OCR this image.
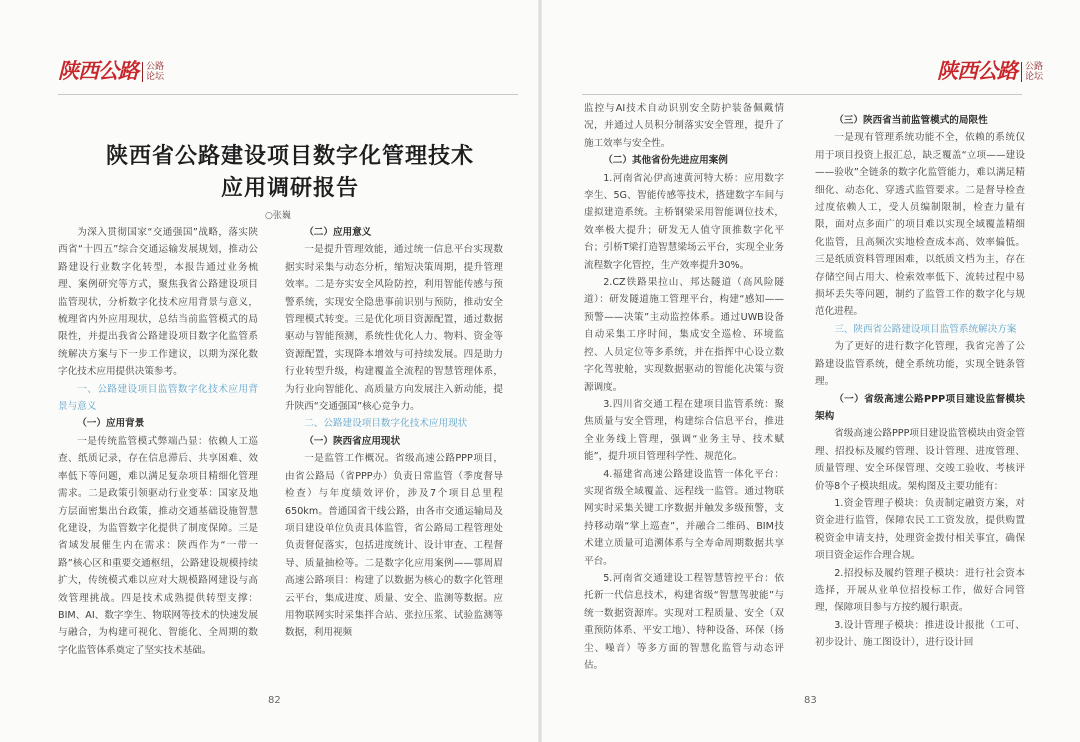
陕西公路 公路论坛	陕西公路 公路论坛
陕西省公路建设项目数字化管理技术
应用调研报告
○张巍

为深入贯彻国家“交通强国”战略，落实陕西省“十四五”综合交通运输发展规划，推动公路建设行业数字化转型，本报告通过业务梳理、案例研究等方式，聚焦我省公路建设项目监管现状，分析数字化技术应用背景与意义，梳理省内外应用现状，总结当前监管模式的局限性，并提出我省公路建设项目数字化监管系统解决方案与下一步工作建议，以期为深化数字化技术应用提供决策参考。

一、公路建设项目监管数字化技术应用背景与意义

（一）应用背景

一是传统监管模式弊端凸显：依赖人工巡查、纸质记录，存在信息滞后、共享困难、效率低下等问题，难以满足复杂项目精细化管理需求。二是政策引领驱动行业变革：国家及地方层面密集出台政策，推动交通基础设施智慧化建设，为监管数字化提供了制度保障。三是省域发展催生内在需求：陕西作为“一带一路”核心区和重要交通枢纽，公路建设规模持续扩大，传统模式难以应对大规模路网建设与高效管理挑战。四是技术成熟提供转型支撑：BIM、AI、数字孪生、物联网等技术的快速发展与融合，为构建可视化、智能化、全周期的数字化监管体系奠定了坚实技术基础。

（二）应用意义

一是提升管理效能，通过统一信息平台实现数据实时采集与动态分析，缩短决策周期，提升管理效率。二是夯实安全风险防控，利用智能传感与预警系统，实现安全隐患事前识别与预防，推动安全管理模式转变。三是优化项目资源配置，通过数据驱动与智能预测，系统性优化人力、物料、资金等资源配置，实现降本增效与可持续发展。四是助力行业转型升级，构建覆盖全流程的智慧管理体系，为行业向智能化、高质量方向发展注入新动能，提升陕西“交通强国”核心竞争力。

二、公路建设项目数字化技术应用现状

（一）陕西省应用现状

一是监管工作概况。省级高速公路PPP项目，由省公路局（省PPP办）负责日常监管（季度督导检查）与年度绩效评价，涉及7个项目总里程650km。普通国省干线公路，由各市交通运输局及项目建设单位负责具体监管，省公路局工程管理处负责督促落实，包括进度统计、设计审查、工程督导、质量抽检等。二是数字化应用案例——鄠周眉高速公路项目：构建了以数据为核心的数字化管理云平台，集成进度、质量、安全、监测等数据。应用物联网实时采集拌合站、张拉压浆、试验监测等数据，利用视频

监控与AI技术自动识别安全防护装备佩戴情况，并通过人员积分制落实安全管理，提升了施工效率与安全性。

（二）其他省份先进应用案例

1.河南省沁伊高速黄河特大桥：应用数字孪生、5G、智能传感等技术，搭建数字车间与虚拟建造系统。主桥钢梁采用智能调位技术，效率极大提升；研发无人值守顶推数字化平台；引桥T梁打造智慧梁场云平台，实现全业务流程数字化管控，生产效率提升30%。

2.CZ铁路果拉山、邦达隧道（高风险隧道）：研发隧道施工管理平台，构建“感知——预警——决策”主动监控体系。通过UWB设备自动采集工序时间，集成安全巡检、环境监控、人员定位等多系统，并在指挥中心设立数字化驾驶舱，实现数据驱动的智能化决策与资源调度。

3.四川省交通工程在建项目监管系统：聚焦质量与安全管理，构建综合信息平台，推进全业务线上管理，强调“业务主导、技术赋能”，提升项目管理科学性、规范化。

4.福建省高速公路建设监管一体化平台：实现省级全域覆盖、远程线一监管。通过物联网实时采集关键工序数据并触发多级预警，支持移动端“掌上巡查”，并融合二维码、BIM技术建立质量可追溯体系与全寿命周期数据共享平台。

5.河南省交通建设工程智慧管控平台：依托新一代信息技术，构建省级“智慧驾驶能”与统一数据资源库。实现对工程质量、安全（双重预防体系、平安工地）、特种设备、环保（扬尘、噪音）等多方面的智慧化监管与动态评估。

（三）陕西省当前监管模式的局限性

一是现有管理系统功能不全，依赖的系统仅用于项目投资上报汇总，缺乏覆盖“立项——建设——验收”全链条的数字化监管能力，难以满足精细化、动态化、穿透式监管要求。二是督导检查过度依赖人工，受人员编制限制，检查力量有限，面对点多面广的项目难以实现全域覆盖精细化监管，且高频次实地检查成本高、效率偏低。三是纸质资料管理困难，以纸质文档为主，存在存储空间占用大、检索效率低下、流转过程中易损坏丢失等问题，制约了监管工作的数字化与规范化进程。

三、陕西省公路建设项目监管系统解决方案

为了更好的进行数字化管理，我省完善了公路建设监管系统，健全系统功能，实现全链条管理。

（一）省级高速公路PPP项目建设监督模块架构

省级高速公路PPP项目建设监管模块由资金管理、招投标及履约管理、设计管理、进度管理、质量管理、安全环保管理、交竣工验收、考核评价等8个子模块组成。架构图及主要功能有：

1.资金管理子模块：负责制定融资方案，对资金进行监管，保障农民工工资发放，提供购置税资金申请支持，处理资金拨付相关事宜，确保项目资金运作合理合规。

2.招投标及履约管理子模块：进行社会资本选择，开展从业单位招投标工作，做好合同管理，保障项目参与方按约履行职责。

3.设计管理子模块：推进设计报批（工可、初步设计、施工图设计），进行设计回

82	83
